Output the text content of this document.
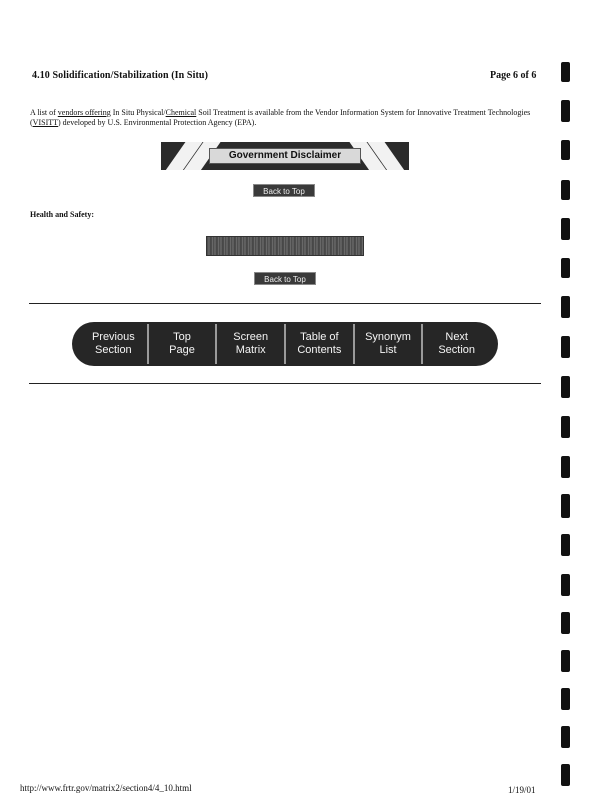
4.10 Solidification/Stabilization (In Situ)	Page 6 of 6
A list of vendors offering In Situ Physical/Chemical Soil Treatment is available from the Vendor Information System for Innovative Treatment Technologies (VISITT) developed by U.S. Environmental Protection Agency (EPA).
Government Disclaimer
Back to Top
Health and Safety:
Back to Top
Previous
Section
Top
Page
Screen
Matrix
Table of
Contents
Synonym
List
Next
Section
http://www.frtr.gov/matrix2/section4/4_10.html	1/19/01
